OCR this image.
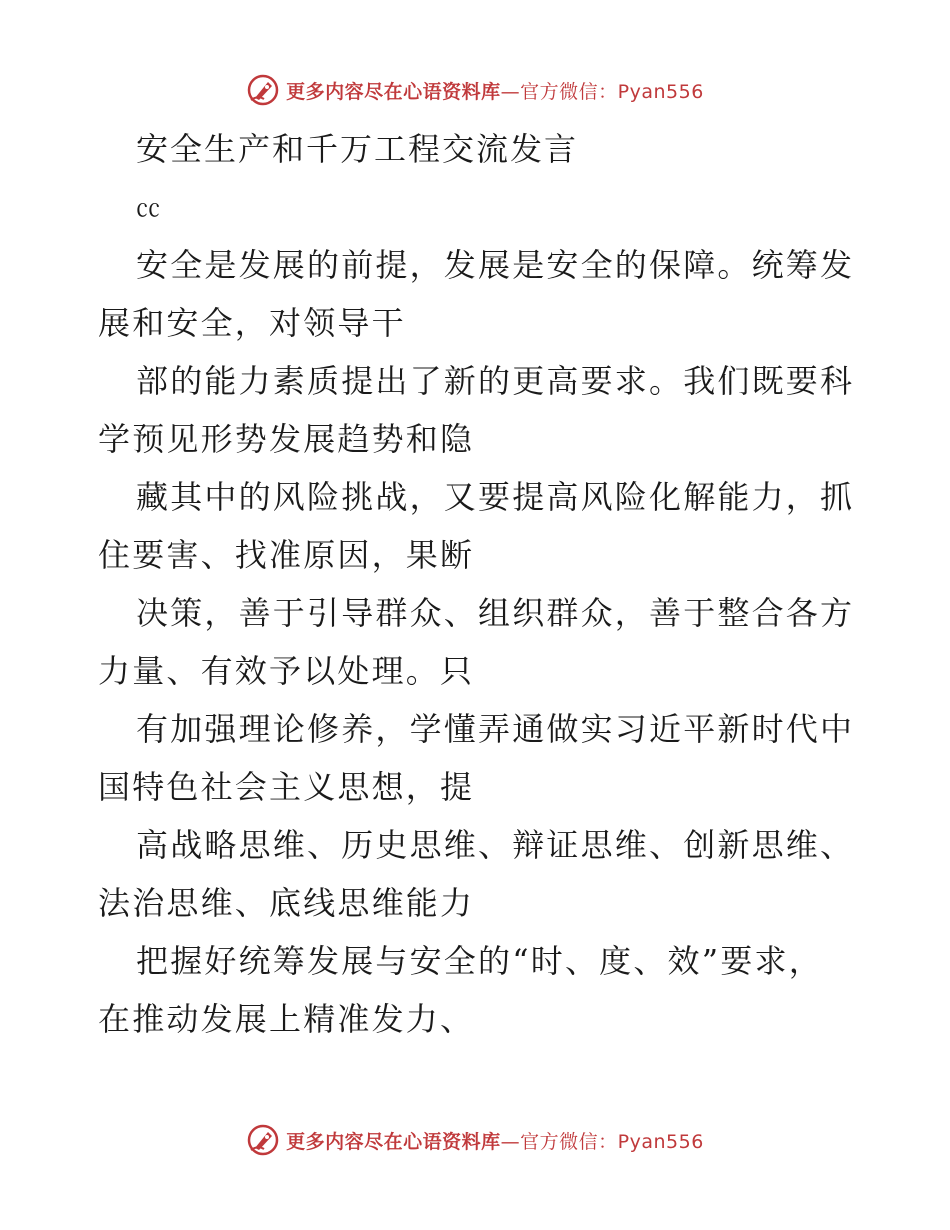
更多内容尽在心语资料库—官方微信：Pyan556
安全生产和千万工程交流发言
㏄

安全是发展的前提，发展是安全的保障。统筹发
展和安全，对领导干

部的能力素质提出了新的更高要求。我们既要科
学预见形势发展趋势和隐

藏其中的风险挑战，又要提高风险化解能力，抓
住要害、找准原因，果断

决策，善于引导群众、组织群众，善于整合各方
力量、有效予以处理。只

有加强理论修养，学懂弄通做实习近平新时代中
国特色社会主义思想，提

高战略思维、历史思维、辩证思维、创新思维、
法治思维、底线思维能力

把握好统筹发展与安全的“时、度、效”要求，
在推动发展上精准发力、

更多内容尽在心语资料库—官方微信：Pyan556
